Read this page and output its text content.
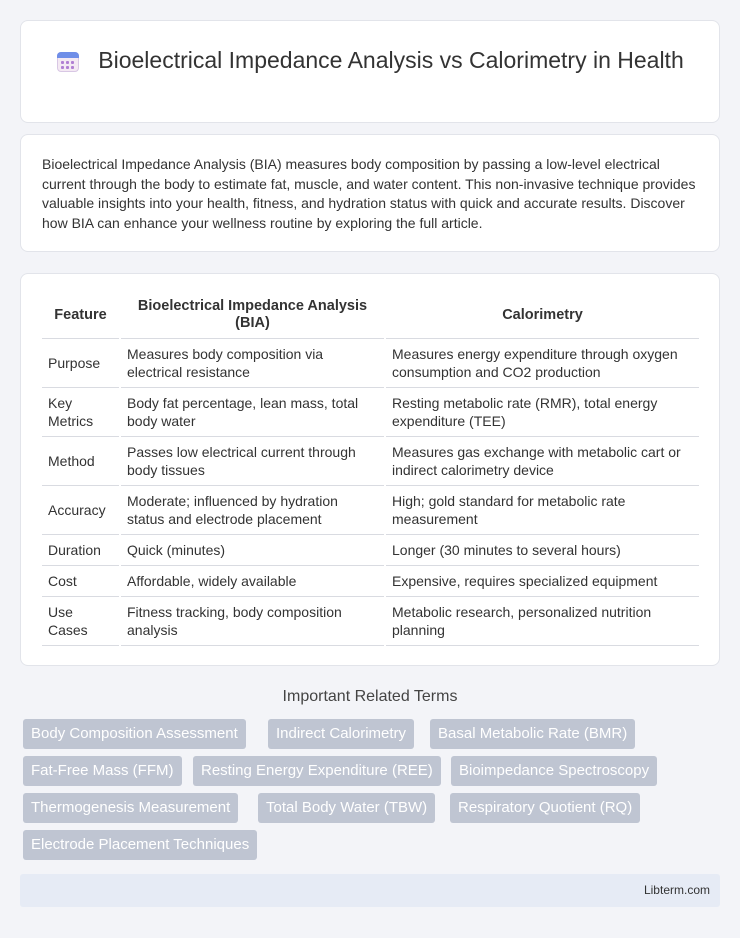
Bioelectrical Impedance Analysis vs Calorimetry in Health

Bioelectrical Impedance Analysis (BIA) measures body composition by passing a low-level electrical current through the body to estimate fat, muscle, and water content. This non-invasive technique provides valuable insights into your health, fitness, and hydration status with quick and accurate results. Discover how BIA can enhance your wellness routine by exploring the full article.

Feature	Bioelectrical Impedance Analysis (BIA)	Calorimetry
Purpose	Measures body composition via electrical resistance	Measures energy expenditure through oxygen consumption and CO2 production
Key Metrics	Body fat percentage, lean mass, total body water	Resting metabolic rate (RMR), total energy expenditure (TEE)
Method	Passes low electrical current through body tissues	Measures gas exchange with metabolic cart or indirect calorimetry device
Accuracy	Moderate; influenced by hydration status and electrode placement	High; gold standard for metabolic rate measurement
Duration	Quick (minutes)	Longer (30 minutes to several hours)
Cost	Affordable, widely available	Expensive, requires specialized equipment
Use Cases	Fitness tracking, body composition analysis	Metabolic research, personalized nutrition planning
Important Related Terms
Body Composition Assessment	Indirect Calorimetry	Basal Metabolic Rate (BMR)
Fat-Free Mass (FFM)	Resting Energy Expenditure (REE)	Bioimpedance Spectroscopy
Thermogenesis Measurement	Total Body Water (TBW)	Respiratory Quotient (RQ)
Electrode Placement Techniques
Libterm.com
